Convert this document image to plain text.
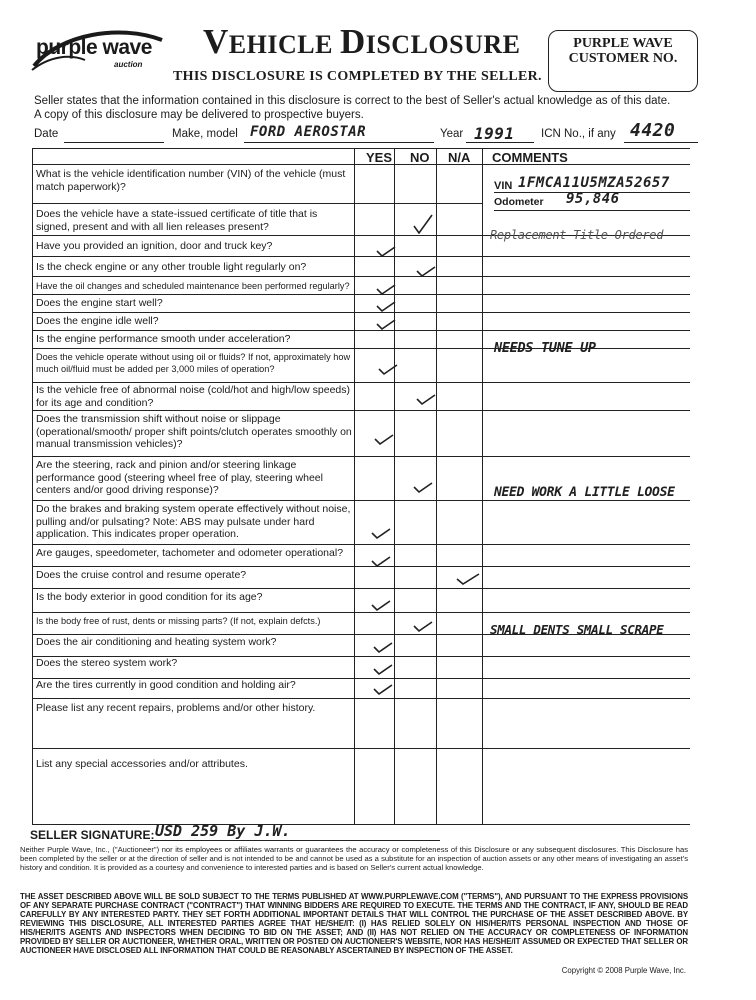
purple wave
auction
VEHICLE DISCLOSURE
THIS DISCLOSURE IS COMPLETED BY THE SELLER.
PURPLE WAVE
CUSTOMER NO.
Seller states that the information contained in this disclosure is correct to the best of Seller's actual knowledge as of this date.
A copy of this disclosure may be delivered to prospective buyers.
Date	Make, model FORD AEROSTAR	Year 1991 ICN No., if any 4420
YES NO N/A COMMENTS
VIN 1FMCA11U5MZA52657
Odometer 95,846
What is the vehicle identification number (VIN) of the vehicle (must match paperwork)?
Does the vehicle have a state-issued certificate of title that is signed, present and with all lien releases present?
Have you provided an ignition, door and truck key?
Is the check engine or any other trouble light regularly on?
Have the oil changes and scheduled maintenance been performed regularly?
Does the engine start well?
Does the engine idle well?
Is the engine performance smooth under acceleration?
Does the vehicle operate without using oil or fluids? If not, approximately how much oil/fluid must be added per 3,000 miles of operation?
Is the vehicle free of abnormal noise (cold/hot and high/low speeds) for its age and condition?
Does the transmission shift without noise or slippage (operational/smooth/ proper shift points/clutch operates smoothly on manual transmission vehicles)?
Are the steering, rack and pinion and/or steering linkage performance good (steering wheel free of play, steering wheel centers and/or good driving response)?
Do the brakes and braking system operate effectively without noise, pulling and/or pulsating? Note: ABS may pulsate under hard application. This indicates proper operation.
Are gauges, speedometer, tachometer and odometer operational?
Does the cruise control and resume operate?
Is the body exterior in good condition for its age?
Is the body free of rust, dents or missing parts? (If not, explain defcts.)
Does the air conditioning and heating system work?
Does the stereo system work?
Are the tires currently in good condition and holding air?
Please list any recent repairs, problems and/or other history.
List any special accessories and/or attributes.
Replacement Title Ordered
NEEDS TUNE UP
NEED WORK A LITTLE LOOSE
SMALL DENTS SMALL SCRAPE
SELLER SIGNATURE: USD 259 By J.W.
Neither Purple Wave, Inc., ("Auctioneer") nor its employees or affiliates warrants or guarantees the accuracy or completeness of this Disclosure or any subsequent disclosures. This Disclosure has been completed by the seller or at the direction of seller and is not intended to be and cannot be used as a substitute for an inspection of auction assets or any other means of investigating an asset's history and condition. It is provided as a courtesy and convenience to interested parties and is based on Seller's current actual knowledge.
THE ASSET DESCRIBED ABOVE WILL BE SOLD SUBJECT TO THE TERMS PUBLISHED AT WWW.PURPLEWAVE.COM ("TERMS"), AND PURSUANT TO THE EXPRESS PROVISIONS OF ANY SEPARATE PURCHASE CONTRACT ("CONTRACT") THAT WINNING BIDDERS ARE REQUIRED TO EXECUTE. THE TERMS AND THE CONTRACT, IF ANY, SHOULD BE READ CAREFULLY BY ANY INTERESTED PARTY. THEY SET FORTH ADDITIONAL IMPORTANT DETAILS THAT WILL CONTROL THE PURCHASE OF THE ASSET DESCRIBED ABOVE. BY REVIEWING THIS DISCLOSURE, ALL INTERESTED PARTIES AGREE THAT HE/SHE/IT: (I) HAS RELIED SOLELY ON HIS/HER/ITS PERSONAL INSPECTION AND THOSE OF HIS/HER/ITS AGENTS AND INSPECTORS WHEN DECIDING TO BID ON THE ASSET; AND (II) HAS NOT RELIED ON THE ACCURACY OR COMPLETENESS OF INFORMATION PROVIDED BY SELLER OR AUCTIONEER, WHETHER ORAL, WRITTEN OR POSTED ON AUCTIONEER'S WEBSITE, NOR HAS HE/SHE/IT ASSUMED OR EXPECTED THAT SELLER OR AUCTIONEER HAVE DISCLOSED ALL INFORMATION THAT COULD BE REASONABLY ASCERTAINED BY INSPECTION OF THE ASSET.
Copyright © 2008 Purple Wave, Inc.
